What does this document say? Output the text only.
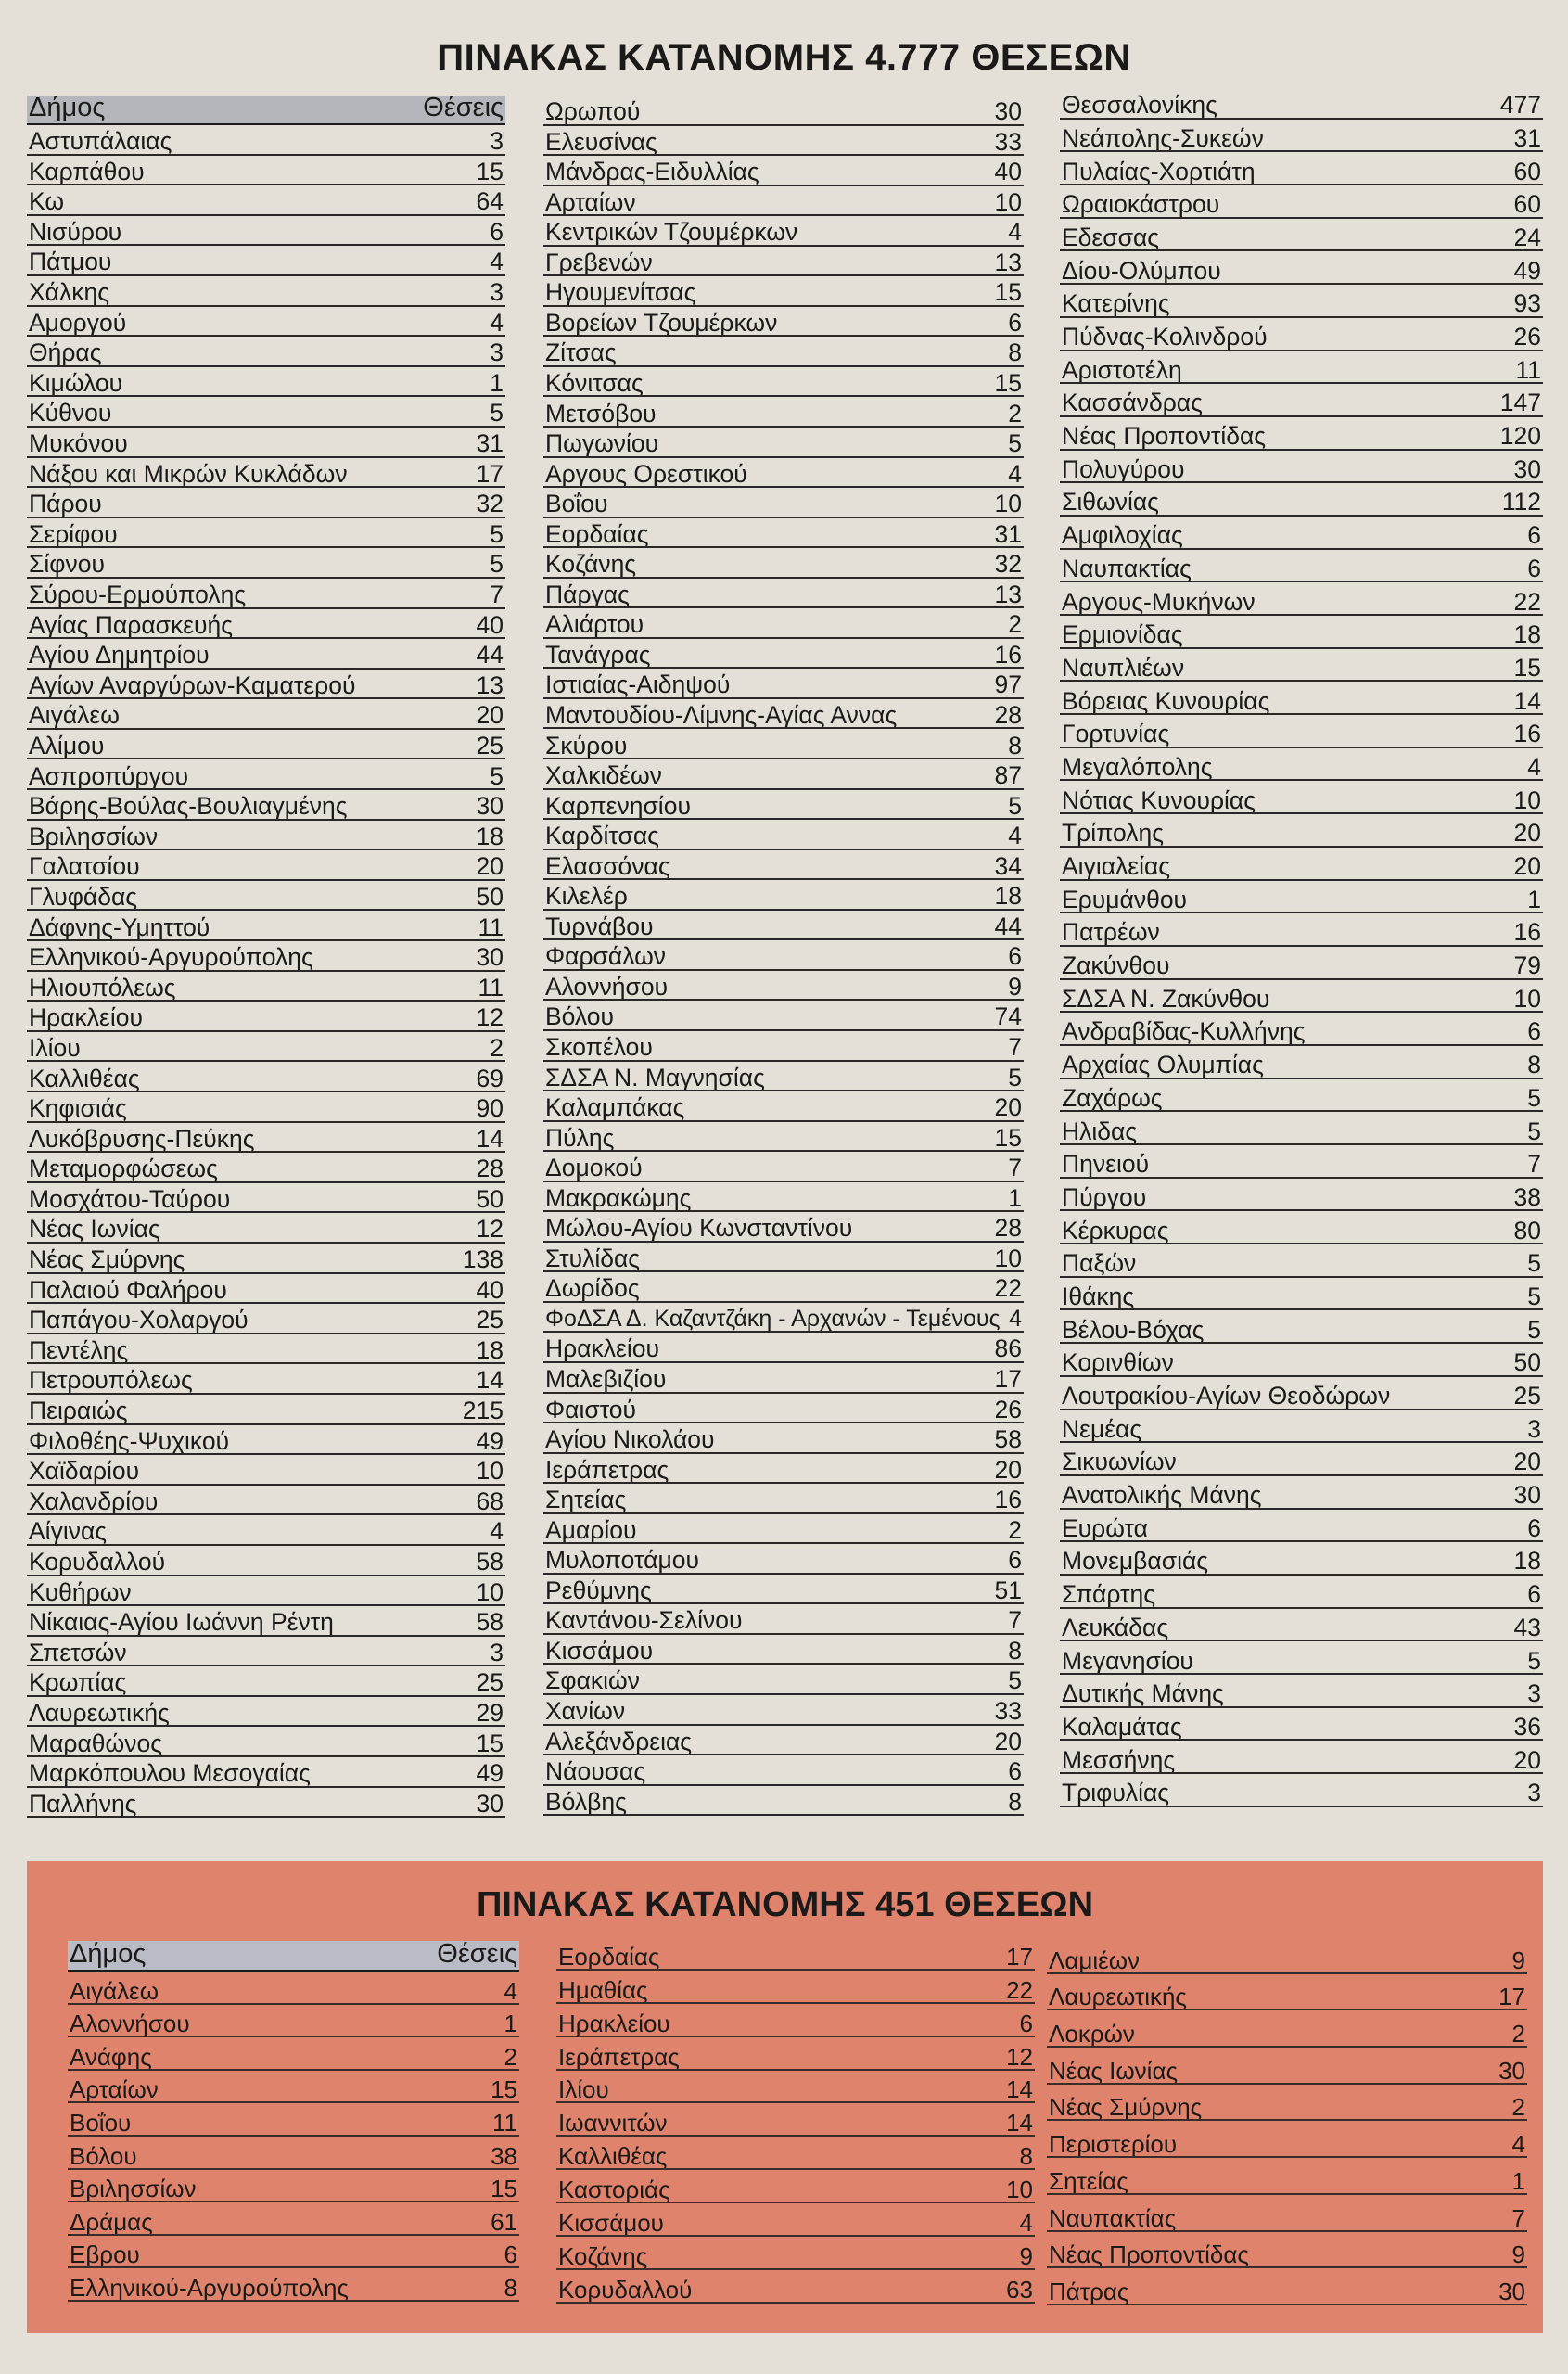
ΠΙΝΑΚΑΣ ΚΑΤΑΝΟΜΗΣ 4.777 ΘΕΣΕΩΝ
Δήμος	Θέσεις
Αστυπάλαιας	3
Καρπάθου	15
Κω	64
Νισύρου	6
Πάτμου	4
Χάλκης	3
Αμοργού	4
Θήρας	3
Κιμώλου	1
Κύθνου	5
Μυκόνου	31
Νάξου και Μικρών Κυκλάδων	17
Πάρου	32
Σερίφου	5
Σίφνου	5
Σύρου-Ερμούπολης	7
Αγίας Παρασκευής	40
Αγίου Δημητρίου	44
Αγίων Αναργύρων-Καματερού	13
Αιγάλεω	20
Αλίμου	25
Ασπροπύργου	5
Βάρης-Βούλας-Βουλιαγμένης	30
Βριλησσίων	18
Γαλατσίου	20
Γλυφάδας	50
Δάφνης-Υμηττού	11
Ελληνικού-Αργυρούπολης	30
Ηλιουπόλεως	11
Ηρακλείου	12
Ιλίου	2
Καλλιθέας	69
Κηφισιάς	90
Λυκόβρυσης-Πεύκης	14
Μεταμορφώσεως	28
Μοσχάτου-Ταύρου	50
Νέας Ιωνίας	12
Νέας Σμύρνης	138
Παλαιού Φαλήρου	40
Παπάγου-Χολαργού	25
Πεντέλης	18
Πετρουπόλεως	14
Πειραιώς	215
Φιλοθέης-Ψυχικού	49
Χαϊδαρίου	10
Χαλανδρίου	68
Αίγινας	4
Κορυδαλλού	58
Κυθήρων	10
Νίκαιας-Αγίου Ιωάννη Ρέντη	58
Σπετσών	3
Κρωπίας	25
Λαυρεωτικής	29
Μαραθώνος	15
Μαρκόπουλου Μεσογαίας	49
Παλλήνης	30
Ωρωπού	30
Ελευσίνας	33
Μάνδρας-Ειδυλλίας	40
Αρταίων	10
Κεντρικών Τζουμέρκων	4
Γρεβενών	13
Ηγουμενίτσας	15
Βορείων Τζουμέρκων	6
Ζίτσας	8
Κόνιτσας	15
Μετσόβου	2
Πωγωνίου	5
Αργους Ορεστικού	4
Βοΐου	10
Εορδαίας	31
Κοζάνης	32
Πάργας	13
Αλιάρτου	2
Τανάγρας	16
Ιστιαίας-Αιδηψού	97
Μαντουδίου-Λίμνης-Αγίας Αννας	28
Σκύρου	8
Χαλκιδέων	87
Καρπενησίου	5
Καρδίτσας	4
Ελασσόνας	34
Κιλελέρ	18
Τυρνάβου	44
Φαρσάλων	6
Αλοννήσου	9
Βόλου	74
Σκοπέλου	7
ΣΔΣΑ Ν. Μαγνησίας	5
Καλαμπάκας	20
Πύλης	15
Δομοκού	7
Μακρακώμης	1
Μώλου-Αγίου Κωνσταντίνου	28
Στυλίδας	10
Δωρίδος	22
ΦοΔΣΑ Δ. Καζαντζάκη - Αρχανών - Τεμένους 4
Ηρακλείου	86
Μαλεβιζίου	17
Φαιστού	26
Αγίου Νικολάου	58
Ιεράπετρας	20
Σητείας	16
Αμαρίου	2
Μυλοποτάμου	6
Ρεθύμνης	51
Καντάνου-Σελίνου	7
Κισσάμου	8
Σφακιών	5
Χανίων	33
Αλεξάνδρειας	20
Νάουσας	6
Βόλβης	8
Θεσσαλονίκης	477
Νεάπολης-Συκεών	31
Πυλαίας-Χορτιάτη	60
Ωραιοκάστρου	60
Εδεσσας	24
Δίου-Ολύμπου	49
Κατερίνης	93
Πύδνας-Κολινδρού	26
Αριστοτέλη	11
Κασσάνδρας	147
Νέας Προποντίδας	120
Πολυγύρου	30
Σιθωνίας	112
Αμφιλοχίας	6
Ναυπακτίας	6
Αργους-Μυκήνων	22
Ερμιονίδας	18
Ναυπλιέων	15
Βόρειας Κυνουρίας	14
Γορτυνίας	16
Μεγαλόπολης	4
Νότιας Κυνουρίας	10
Τρίπολης	20
Αιγιαλείας	20
Ερυμάνθου	1
Πατρέων	16
Ζακύνθου	79
ΣΔΣΑ Ν. Ζακύνθου	10
Ανδραβίδας-Κυλλήνης	6
Αρχαίας Ολυμπίας	8
Ζαχάρως	5
Ηλιδας	5
Πηνειού	7
Πύργου	38
Κέρκυρας	80
Παξών	5
Ιθάκης	5
Βέλου-Βόχας	5
Κορινθίων	50
Λουτρακίου-Αγίων Θεοδώρων	25
Νεμέας	3
Σικυωνίων	20
Ανατολικής Μάνης	30
Ευρώτα	6
Μονεμβασιάς	18
Σπάρτης	6
Λευκάδας	43
Μεγανησίου	5
Δυτικής Μάνης	3
Καλαμάτας	36
Μεσσήνης	20
Τριφυλίας	3
ΠΙΝΑΚΑΣ ΚΑΤΑΝΟΜΗΣ 451 ΘΕΣΕΩΝ
Δήμος	Θέσεις
Αιγάλεω	4
Αλοννήσου	1
Ανάφης	2
Αρταίων	15
Βοΐου	11
Βόλου	38
Βριλησσίων	15
Δράμας	61
Εβρου	6
Ελληνικού-Αργυρούπολης	8
Εορδαίας	17
Ημαθίας	22
Ηρακλείου	6
Ιεράπετρας	12
Ιλίου	14
Ιωαννιτών	14
Καλλιθέας	8
Καστοριάς	10
Κισσάμου	4
Κοζάνης	9
Κορυδαλλού	63
Λαμιέων	9
Λαυρεωτικής	17
Λοκρών	2
Νέας Ιωνίας	30
Νέας Σμύρνης	2
Περιστερίου	4
Σητείας	1
Ναυπακτίας	7
Νέας Προποντίδας	9
Πάτρας	30
